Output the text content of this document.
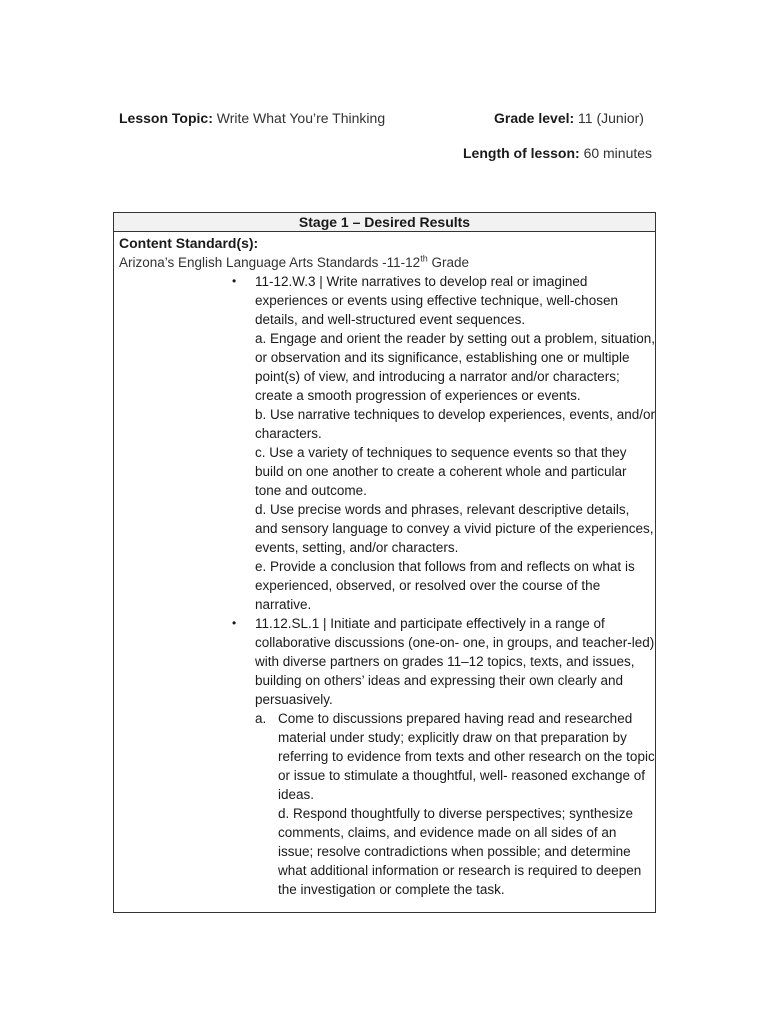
Lesson Topic: Write What You’re Thinking	Grade level: 11 (Junior)
Length of lesson: 60 minutes
Stage 1 – Desired Results
Content Standard(s):
Arizona’s English Language Arts Standards -11-12th Grade
• 11-12.W.3 | Write narratives to develop real or imagined experiences or events using effective technique, well-chosen details, and well-structured event sequences.

a. Engage and orient the reader by setting out a problem, situation, or observation and its significance, establishing one or multiple point(s) of view, and introducing a narrator and/or characters; create a smooth progression of experiences or events.

b. Use narrative techniques to develop experiences, events, and/or characters.

c. Use a variety of techniques to sequence events so that they build on one another to create a coherent whole and particular tone and outcome.

d. Use precise words and phrases, relevant descriptive details, and sensory language to convey a vivid picture of the experiences, events, setting, and/or characters.

e. Provide a conclusion that follows from and reflects on what is experienced, observed, or resolved over the course of the narrative.

• 11.12.SL.1 | Initiate and participate effectively in a range of collaborative discussions (one-on- one, in groups, and teacher-led) with diverse partners on grades 11–12 topics, texts, and issues, building on others’ ideas and expressing their own clearly and persuasively.

a. Come to discussions prepared having read and researched material under study; explicitly draw on that preparation by referring to evidence from texts and other research on the topic or issue to stimulate a thoughtful, well- reasoned exchange of ideas.

d. Respond thoughtfully to diverse perspectives; synthesize comments, claims, and evidence made on all sides of an issue; resolve contradictions when possible; and determine what additional information or research is required to deepen the investigation or complete the task.
